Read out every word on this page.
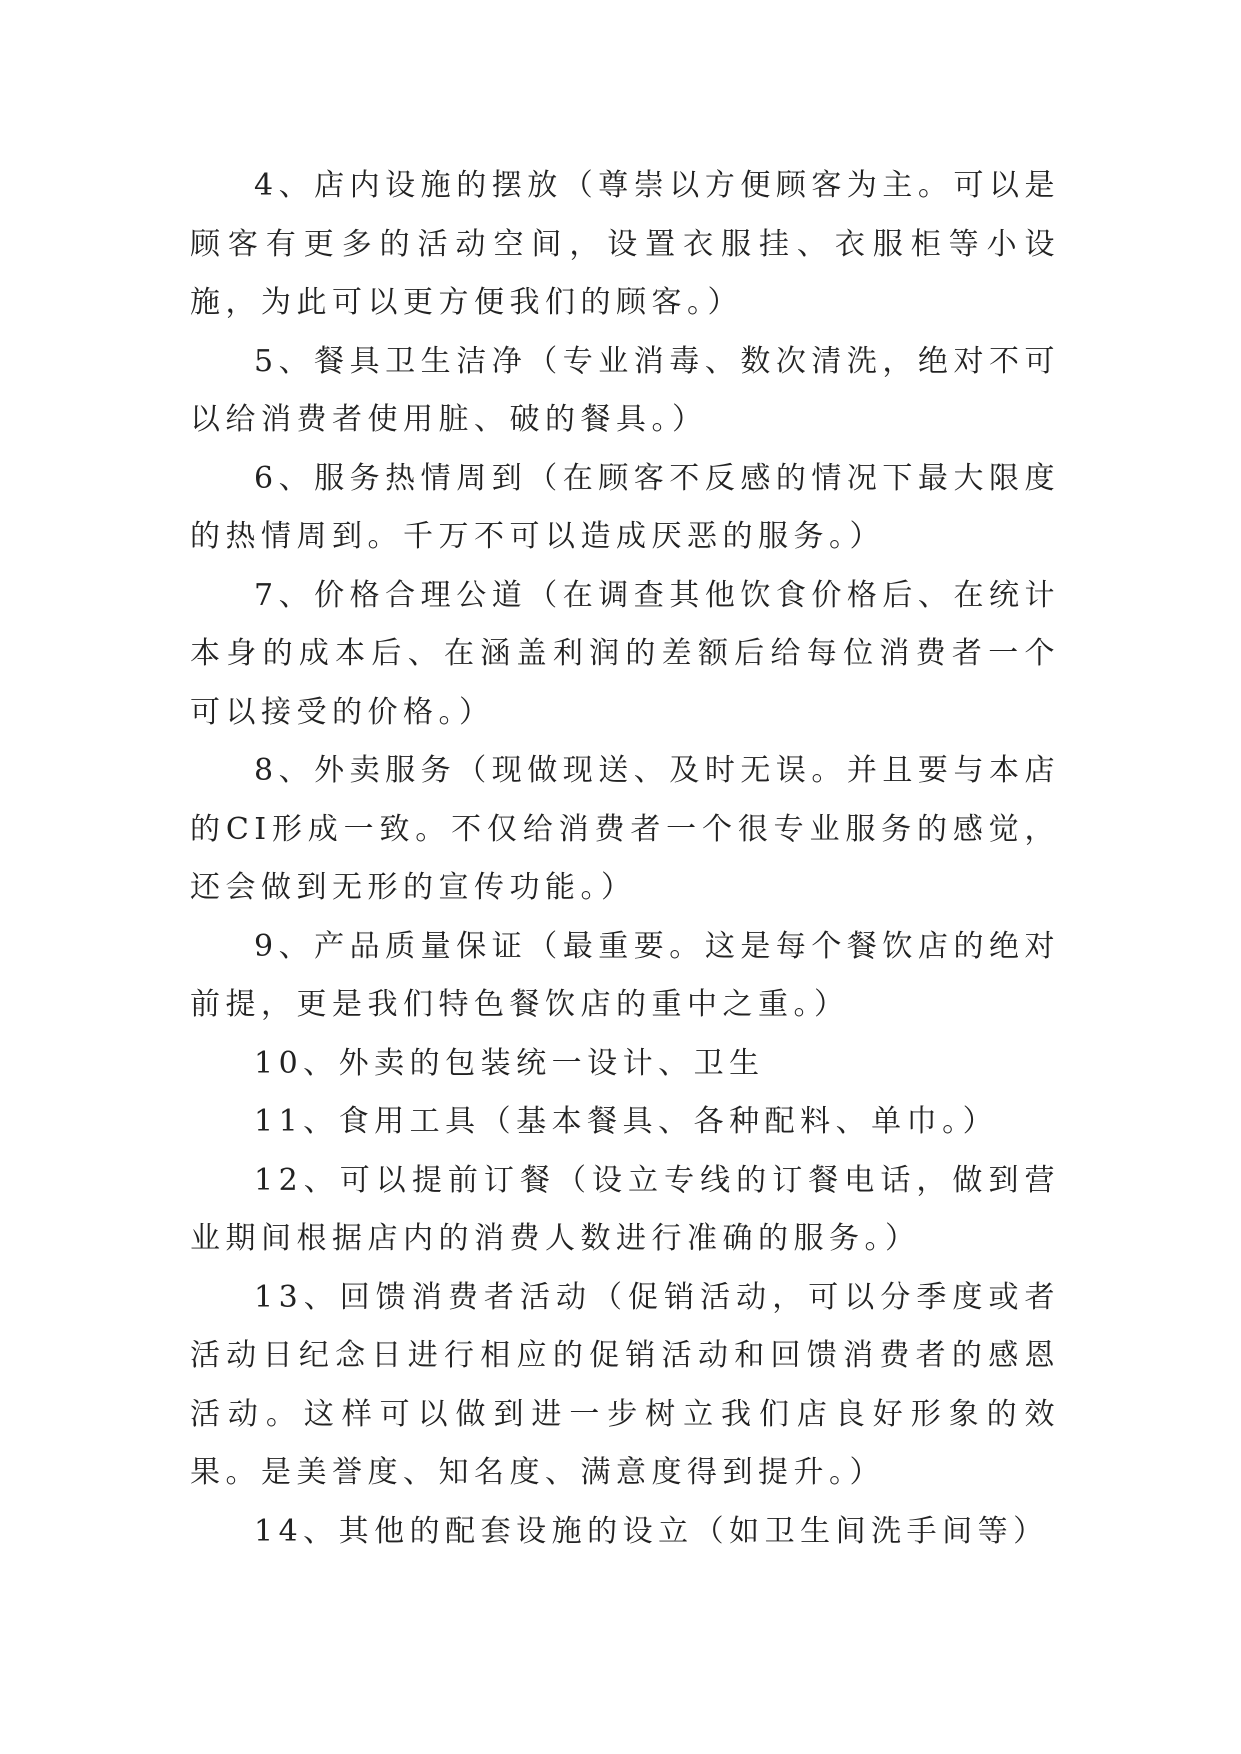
4、店内设施的摆放（尊崇以方便顾客为主。可以是顾客有更多的活动空间，设置衣服挂、衣服柜等小设施，为此可以更方便我们的顾客。）

5、餐具卫生洁净（专业消毒、数次清洗，绝对不可以给消费者使用脏、破的餐具。）

6、服务热情周到（在顾客不反感的情况下最大限度的热情周到。千万不可以造成厌恶的服务。）

7、价格合理公道（在调查其他饮食价格后、在统计本身的成本后、在涵盖利润的差额后给每位消费者一个可以接受的价格。）

8、外卖服务（现做现送、及时无误。并且要与本店的CI形成一致。不仅给消费者一个很专业服务的感觉，还会做到无形的宣传功能。）

9、产品质量保证（最重要。这是每个餐饮店的绝对前提，更是我们特色餐饮店的重中之重。）

10、外卖的包装统一设计、卫生

11、食用工具（基本餐具、各种配料、单巾。）

12、可以提前订餐（设立专线的订餐电话，做到营业期间根据店内的消费人数进行准确的服务。）

13、回馈消费者活动（促销活动，可以分季度或者活动日纪念日进行相应的促销活动和回馈消费者的感恩活动。这样可以做到进一步树立我们店良好形象的效果。是美誉度、知名度、满意度得到提升。）

14、其他的配套设施的设立（如卫生间洗手间等）
